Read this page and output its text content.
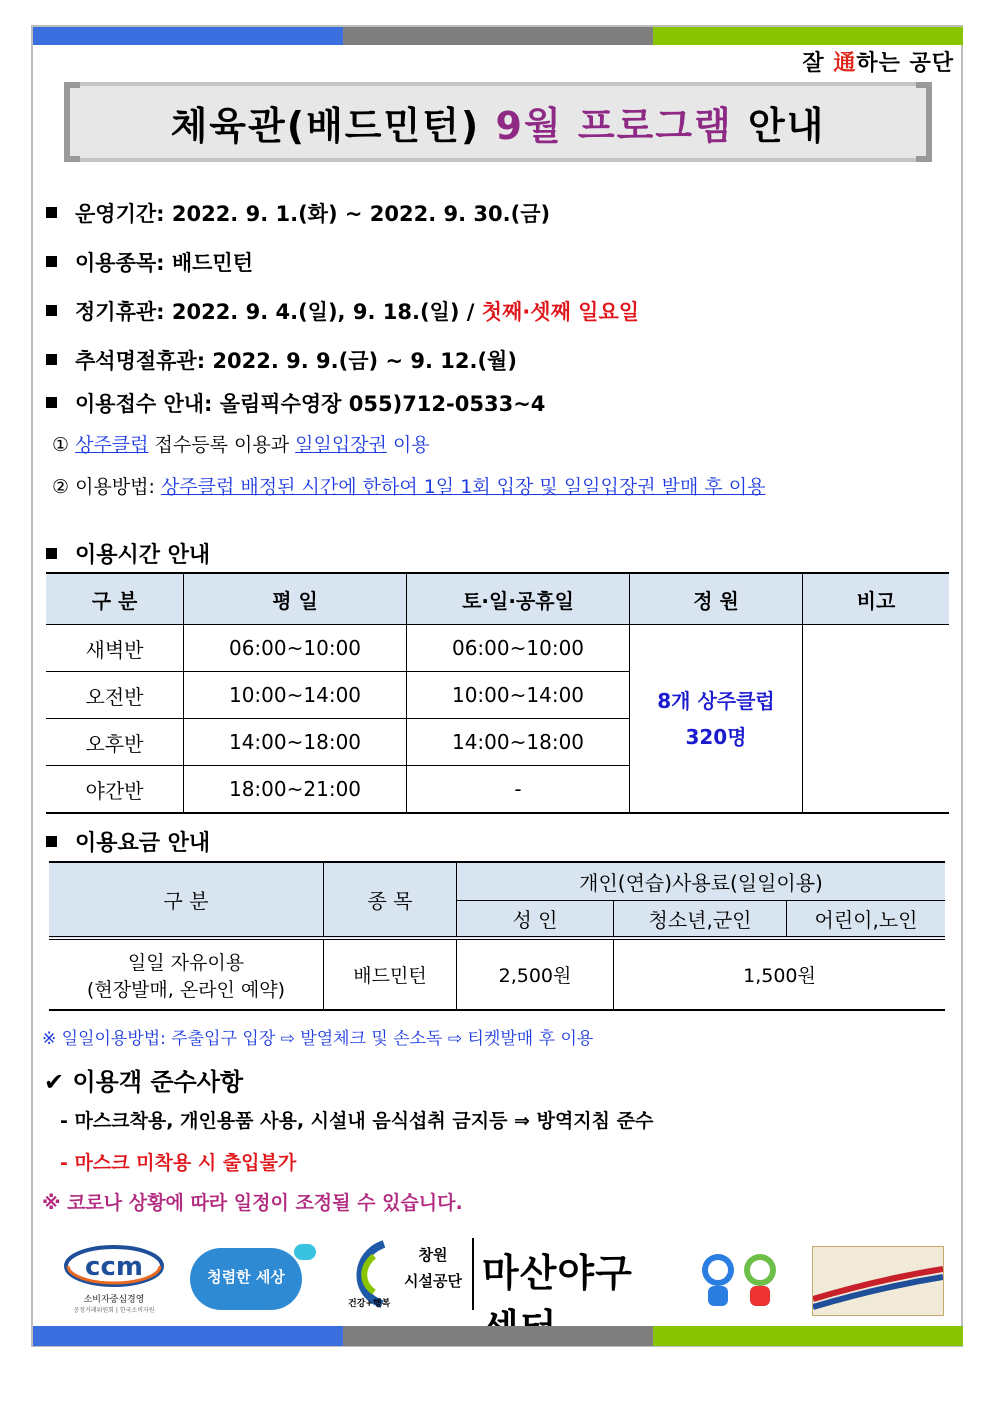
잘 通하는 공단
체육관(배드민턴) 9월 프로그램 안내
운영기간: 2022. 9. 1.(화) ~ 2022. 9. 30.(금)
이용종목: 배드민턴
정기휴관: 2022. 9. 4.(일), 9. 18.(일) / 첫째·셋째 일요일
추석명절휴관: 2022. 9. 9.(금) ~ 9. 12.(월)
이용접수 안내: 올림픽수영장 055)712-0533~4
① 상주클럽 접수등록 이용과 일일입장권 이용
② 이용방법: 상주클럽 배정된 시간에 한하여 1일 1회 입장 및 일일입장권 발매 후 이용
이용시간 안내
구 분	평 일	토·일·공휴일	정 원	비고
새벽반	06:00~10:00	06:00~10:00	8개 상주클럽
320명	

오전반	10:00~14:00	10:00~14:00		
오후반	14:00~18:00	14:00~18:00		
야간반	18:00~21:00	-		
이용요금 안내
구 분	종 목	개인(연습)사용료(일일이용)		
		성 인	청소년,군인	어린이,노인

일일 자유이용
(현장발매, 온라인 예약)	배드민턴	2,500원	1,500원	
※ 일일이용방법: 주출입구 입장 ⇨ 발열체크 및 손소독 ⇨ 티켓발매 후 이용
✔ 이용객 준수사항
- 마스크착용, 개인용품 사용, 시설내 음식섭취 금지등 ⇒ 방역지침 준수
- 마스크 미착용 시 출입불가
※ 코로나 상황에 따라 일정이 조정될 수 있습니다.
ccm
소비자중심경영
공정거래위원회 | 한국소비자원
청렴한 세상
건강+행복
창원
시설공단 마산야구
